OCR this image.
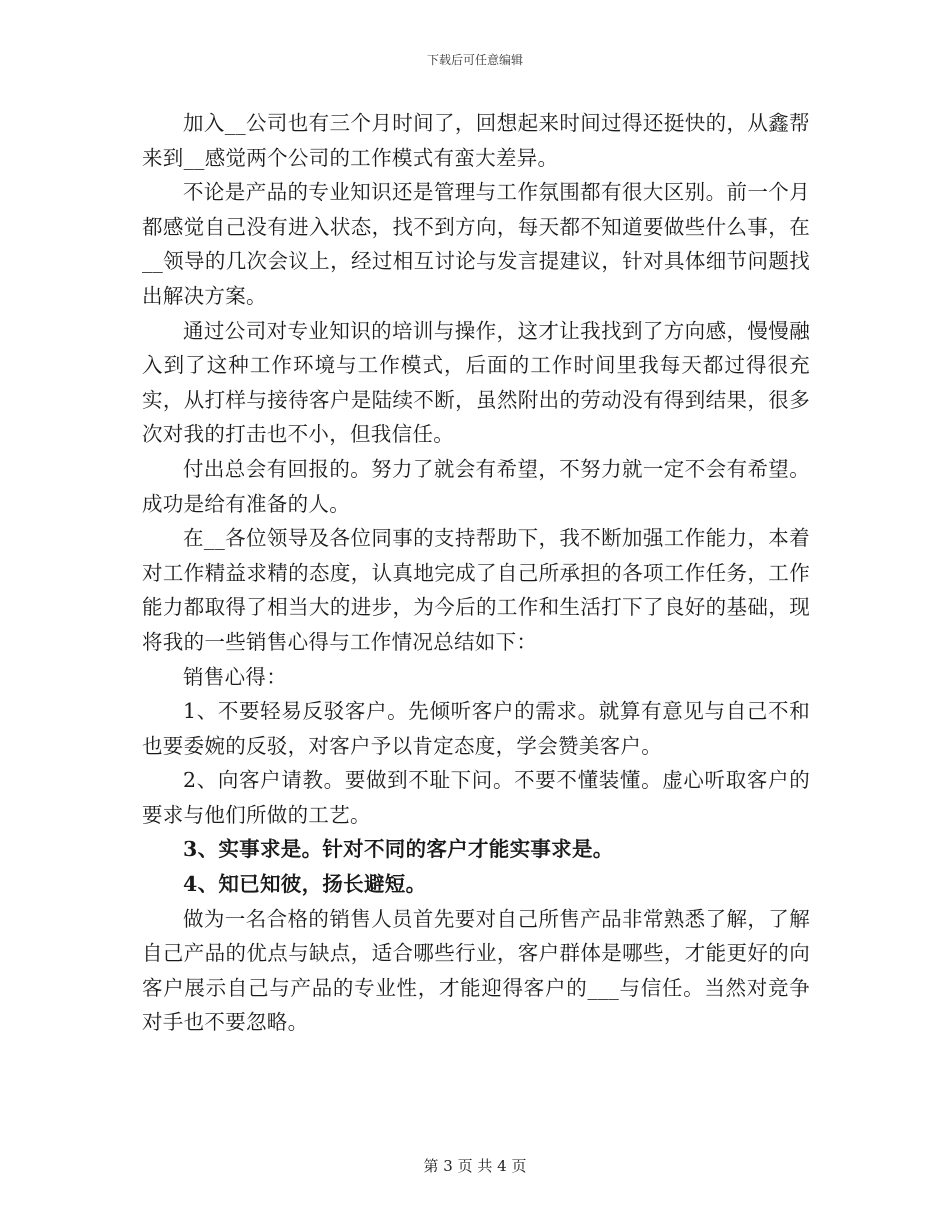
下载后可任意编辑

加入__公司也有三个月时间了，回想起来时间过得还挺快的，从鑫帮来到__感觉两个公司的工作模式有蛮大差异。

不论是产品的专业知识还是管理与工作氛围都有很大区别。前一个月都感觉自己没有进入状态，找不到方向，每天都不知道要做些什么事，在__领导的几次会议上，经过相互讨论与发言提建议，针对具体细节问题找出解决方案。

通过公司对专业知识的培训与操作，这才让我找到了方向感，慢慢融入到了这种工作环境与工作模式，后面的工作时间里我每天都过得很充实，从打样与接待客户是陆续不断，虽然附出的劳动没有得到结果，很多次对我的打击也不小，但我信任。

付出总会有回报的。努力了就会有希望，不努力就一定不会有希望。成功是给有准备的人。

在__各位领导及各位同事的支持帮助下，我不断加强工作能力，本着对工作精益求精的态度，认真地完成了自己所承担的各项工作任务，工作能力都取得了相当大的进步，为今后的工作和生活打下了良好的基础，现将我的一些销售心得与工作情况总结如下：

销售心得：

1、不要轻易反驳客户。先倾听客户的需求。就算有意见与自己不和也要委婉的反驳，对客户予以肯定态度，学会赞美客户。

2、向客户请教。要做到不耻下问。不要不懂装懂。虚心听取客户的要求与他们所做的工艺。

3、实事求是。针对不同的客户才能实事求是。

4、知已知彼，扬长避短。

做为一名合格的销售人员首先要对自己所售产品非常熟悉了解，了解自己产品的优点与缺点，适合哪些行业，客户群体是哪些，才能更好的向客户展示自己与产品的专业性，才能迎得客户的___与信任。当然对竞争对手也不要忽略。

第 3 页 共 4 页
